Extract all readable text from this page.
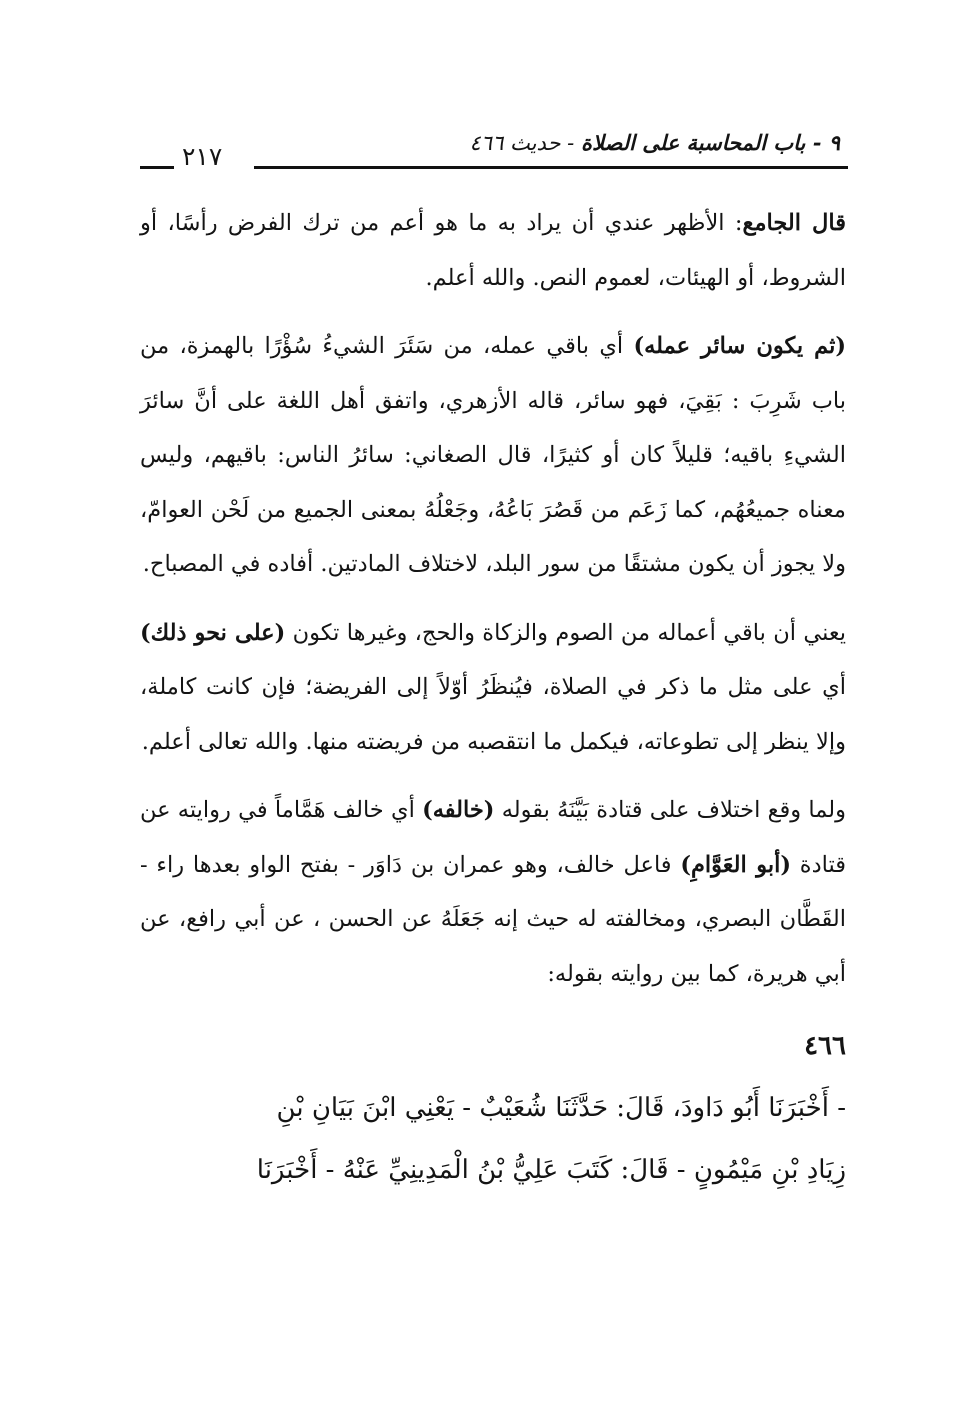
٩ - باب المحاسبة على الصلاة - حديث ٤٦٦
٢١٧

قال الجامع: الأظهر عندي أن يراد به ما هو أعم من ترك الفرض رأسًا، أو الشروط، أو الهيئات، لعموم النص. والله أعلم.

(ثم يكون سائر عمله) أي باقي عمله، من سَئَرَ الشيءُ سُؤْرًا بالهمزة، من باب شَرِبَ : بَقِيَ، فهو سائر، قاله الأزهري، واتفق أهل اللغة على أنَّ سائرَ الشيءِ باقيه؛ قليلاً كان أو كثيرًا، قال الصغاني: سائرُ الناس: باقيهم، وليس معناه جميعُهُم، كما زَعَم من قَصُرَ بَاعُهُ، وجَعْلُهُ بمعنى الجميع من لَحْن العوامّ، ولا يجوز أن يكون مشتقًا من سور البلد، لاختلاف المادتين. أفاده في المصباح.

يعني أن باقي أعماله من الصوم والزكاة والحج، وغيرها تكون (على نحو ذلك) أي على مثل ما ذكر في الصلاة، فيُنظَرُ أوّلاً إلى الفريضة؛ فإن كانت كاملة، وإلا ينظر إلى تطوعاته، فيكمل ما انتقصبه من فريضته منها. والله تعالى أعلم.

ولما وقع اختلاف على قتادة بَيَّنَهُ بقوله (خالفه) أي خالف هَمَّاماً في روايته عن قتادة (أبو العَوَّامِ) فاعل خالف، وهو عمران بن دَاوَر - بفتح الواو بعدها راء - القَطَّان البصري، ومخالفته له حيث إنه جَعَلَهُ عن الحسن ، عن أبي رافع، عن أبي هريرة، كما بين روايته بقوله:

٤٦٦
- أَخْبَرَنَا أَبُو دَاودَ، قَالَ: حَدَّثَنَا شُعَيْبٌ - يَعْنِي ابْنَ بَيَانِ بْنِ
زِيَادِ بْنِ مَيْمُونٍ - قَالَ: كَتَبَ عَلِيُّ بْنُ الْمَدِينِيِّ عَنْهُ - أَخْبَرَنَا
